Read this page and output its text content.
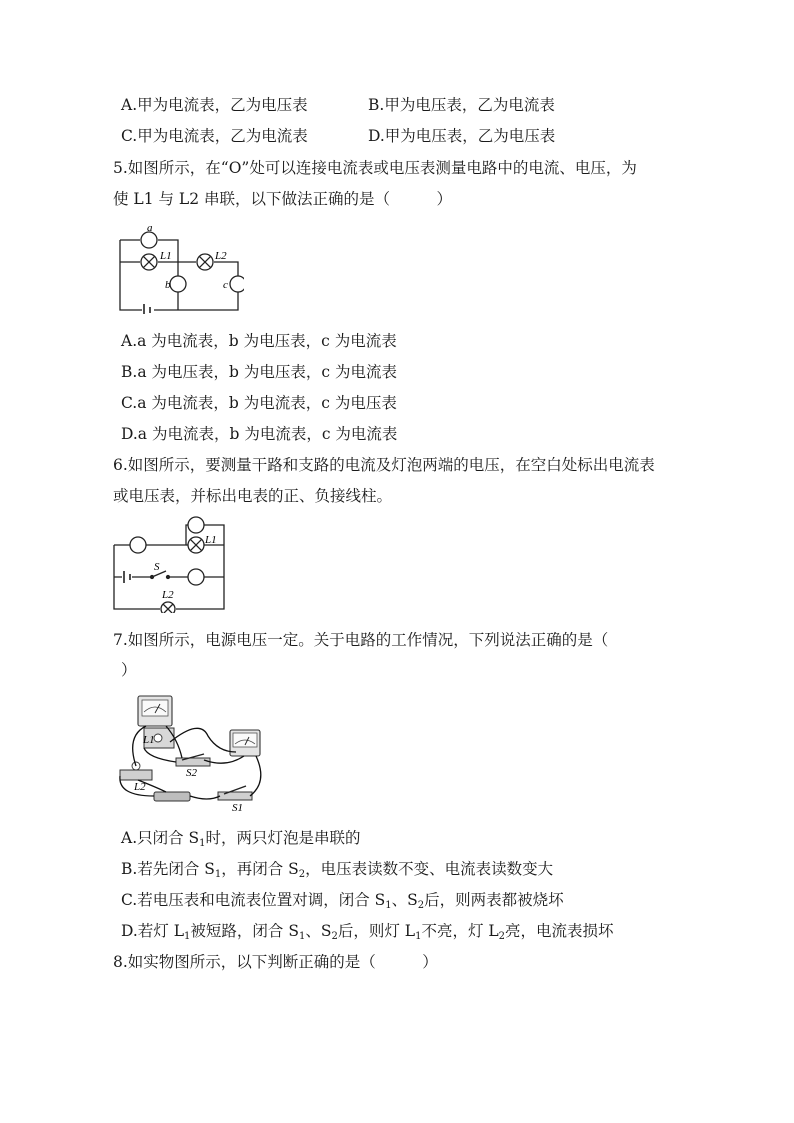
A.甲为电流表，乙为电压表	B.甲为电压表，乙为电流表
C.甲为电流表，乙为电流表	D.甲为电压表，乙为电压表
5.如图所示，在“O”处可以连接电流表或电压表测量电路中的电流、电压，为
使 L1 与 L2 串联，以下做法正确的是（　　　）
a
L1	L2
b	c
A.a 为电流表，b 为电压表，c 为电流表
B.a 为电压表，b 为电压表，c 为电流表
C.a 为电流表，b 为电流表，c 为电压表
D.a 为电流表，b 为电流表，c 为电流表
6.如图所示，要测量干路和支路的电流及灯泡两端的电压，在空白处标出电流表
或电压表，并标出电表的正、负接线柱。
L1
S
L2
7.如图所示，电源电压一定。关于电路的工作情况，下列说法正确的是（
）
L1
S2
L2
S1
A.只闭合 $S_1$时，两只灯泡是串联的
B.若先闭合 $S_1$，再闭合 $S_2$，电压表读数不变、电流表读数变大
C.若电压表和电流表位置对调，闭合 $S_1$、$S_2$后，则两表都被烧坏
D.若灯 $L_1$被短路，闭合 $S_1$、$S_2$后，则灯 $L_1$不亮，灯 $L_2$亮，电流表损坏
8.如实物图所示，以下判断正确的是（　　　）
